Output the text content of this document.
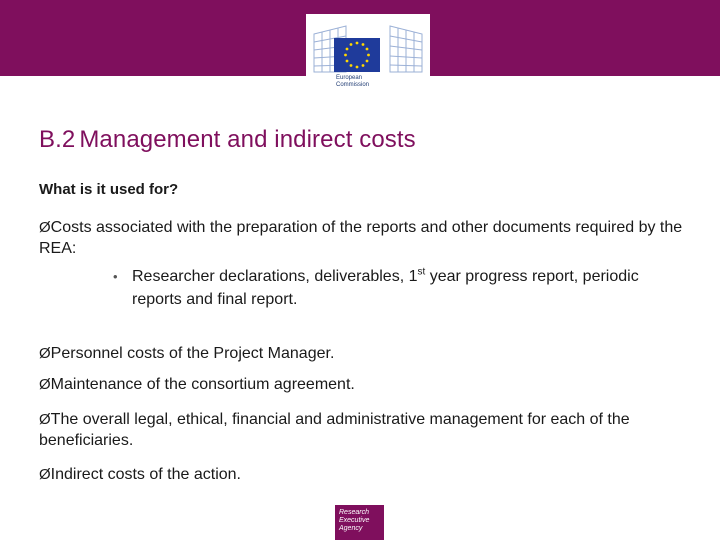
European
Commission
B.2 Management and indirect costs
What is it used for?
ØCosts associated with the preparation of the reports and other documents required by the REA:
• Researcher declarations, deliverables, 1st year progress report, periodic reports and final report.
ØPersonnel costs of the Project Manager.
ØMaintenance of the consortium agreement.
ØThe overall legal, ethical, financial and administrative management for each of the beneficiaries.
ØIndirect costs of the action.
Research
Executive
Agency
